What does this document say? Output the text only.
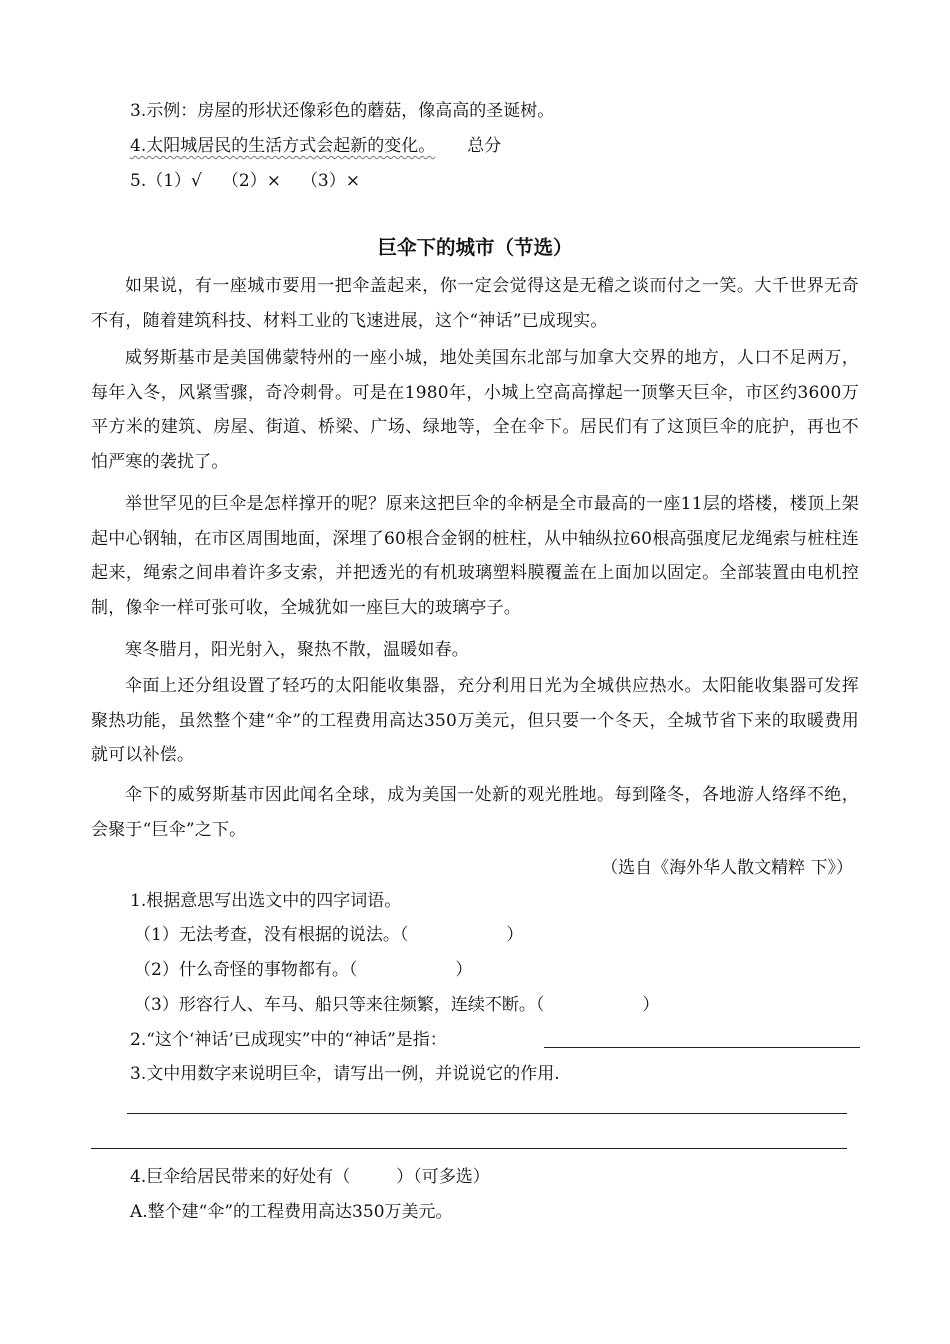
3.示例：房屋的形状还像彩色的蘑菇，像高高的圣诞树。
4.太阳城居民的生活方式会起新的变化。 总分
5.（1）√ （2）× （3）×
巨伞下的城市（节选）
如果说，有一座城市要用一把伞盖起来，你一定会觉得这是无稽之谈而付之一笑。大千世界无奇不有，随着建筑科技、材料工业的飞速进展，这个“神话”已成现实。
威努斯基市是美国佛蒙特州的一座小城，地处美国东北部与加拿大交界的地方，人口不足两万，每年入冬，风紧雪骤，奇冷刺骨。可是在1980年，小城上空高高撑起一顶擎天巨伞，市区约3600万平方米的建筑、房屋、街道、桥梁、广场、绿地等，全在伞下。居民们有了这顶巨伞的庇护，再也不怕严寒的袭扰了。
举世罕见的巨伞是怎样撑开的呢？原来这把巨伞的伞柄是全市最高的一座11层的塔楼，楼顶上架起中心钢轴，在市区周围地面，深埋了60根合金钢的桩柱，从中轴纵拉60根高强度尼龙绳索与桩柱连起来，绳索之间串着许多支索，并把透光的有机玻璃塑料膜覆盖在上面加以固定。全部装置由电机控制，像伞一样可张可收，全城犹如一座巨大的玻璃亭子。
寒冬腊月，阳光射入，聚热不散，温暖如春。
伞面上还分组设置了轻巧的太阳能收集器，充分利用日光为全城供应热水。太阳能收集器可发挥聚热功能，虽然整个建“伞”的工程费用高达350万美元，但只要一个冬天，全城节省下来的取暖费用就可以补偿。
伞下的威努斯基市因此闻名全球，成为美国一处新的观光胜地。每到隆冬，各地游人络绎不绝，会聚于“巨伞”之下。
（选自《海外华人散文精粹 下》）
1.根据意思写出选文中的四字词语。
（1）无法考查，没有根据的说法。（	）
（2）什么奇怪的事物都有。（	）
（3）形容行人、车马、船只等来往频繁，连续不断。（	）
2.“这个‘神话’已成现实”中的“神话”是指：
3.文中用数字来说明巨伞，请写出一例，并说说它的作用.
4.巨伞给居民带来的好处有（	）（可多选）
A.整个建“伞”的工程费用高达350万美元。
